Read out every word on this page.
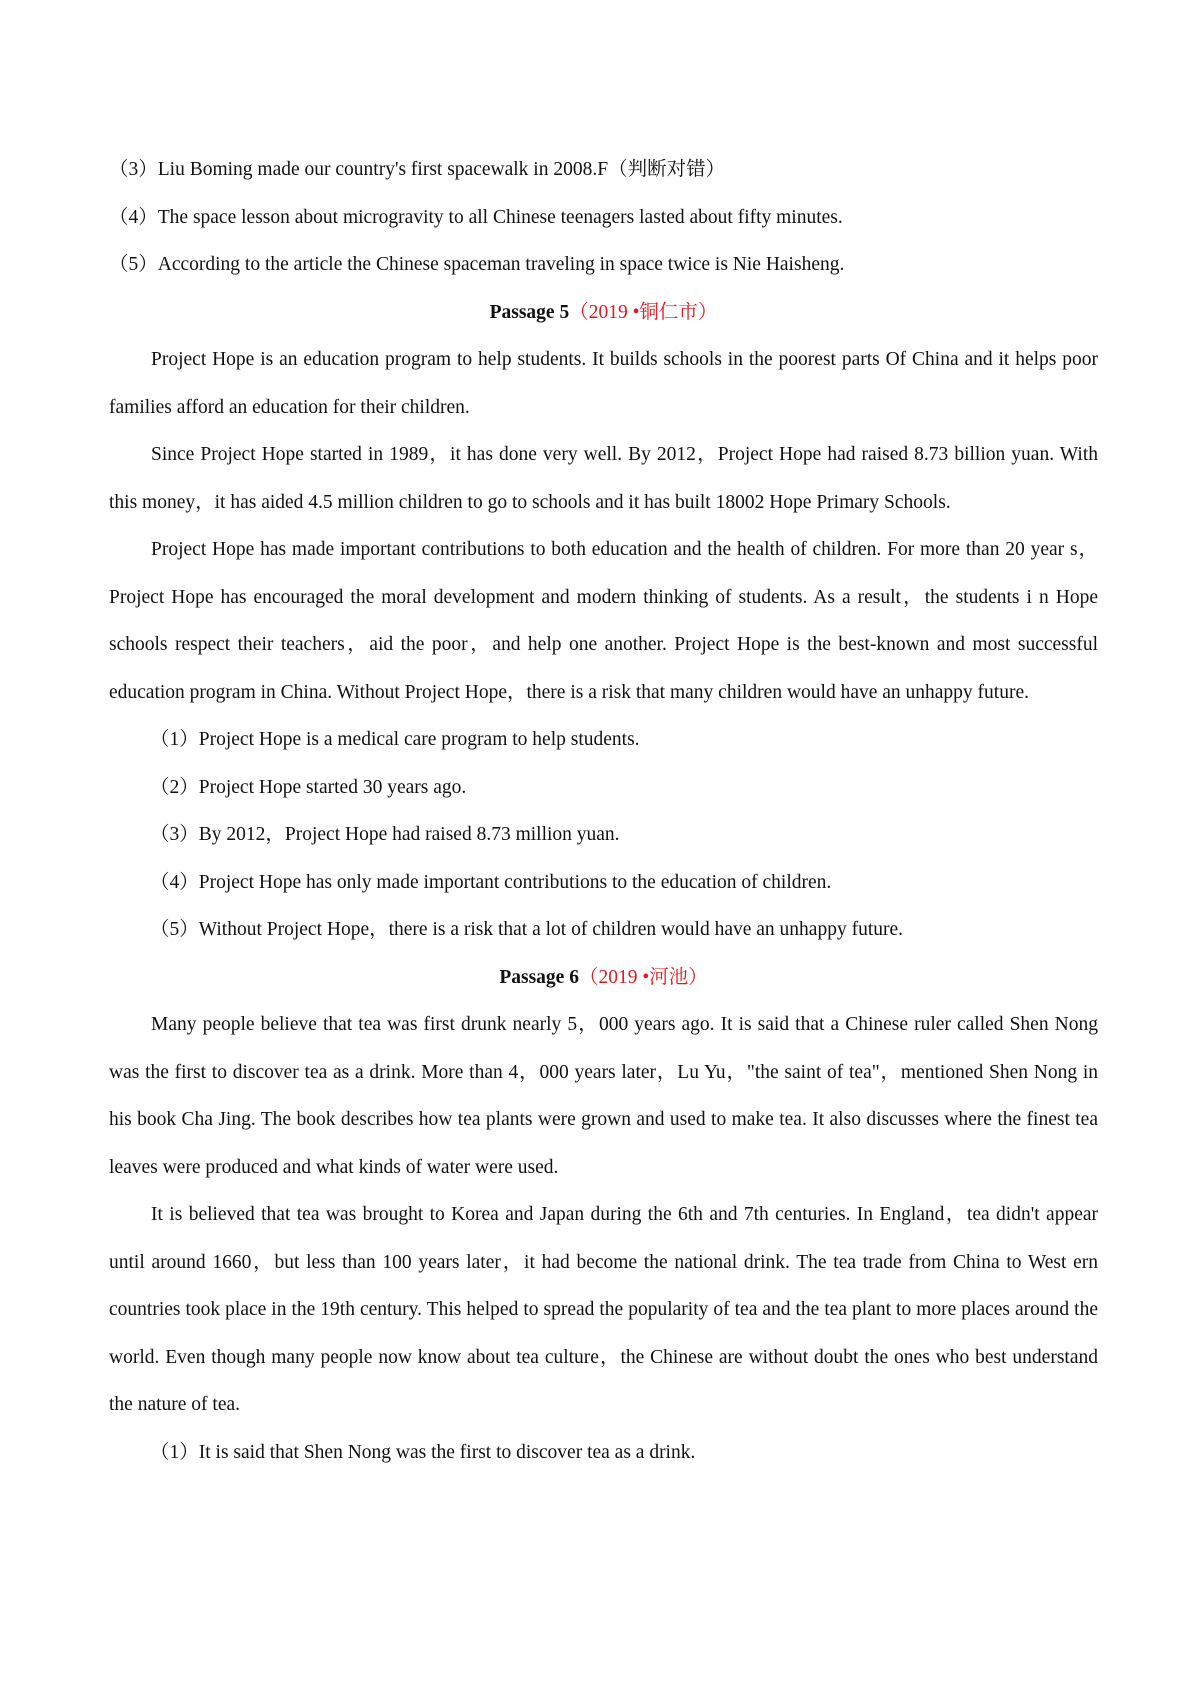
（3）Liu Boming made our country's first spacewalk in 2008.F（判断对错）

（4）The space lesson about microgravity to all Chinese teenagers lasted about fifty minutes.

（5）According to the article the Chinese spaceman traveling in space twice is Nie Haisheng.

Passage 5（2019 •铜仁市）

Project Hope is an education program to help students. It builds schools in the poorest parts Of China and it helps poor families afford an education for their children.

Since Project Hope started in 1989，it has done very well. By 2012，Project Hope had raised 8.73 billion yuan. With this money，it has aided 4.5 million children to go to schools and it has built 18002 Hope Primary Schools.

Project Hope has made important contributions to both education and the health of children. For more than 20 year s，Project Hope has encouraged the moral development and modern thinking of students. As a result，the students i n Hope schools respect their teachers，aid the poor，and help one another. Project Hope is the best-known and most successful education program in China. Without Project Hope，there is a risk that many children would have an unhappy future.

（1）Project Hope is a medical care program to help students.

（2）Project Hope started 30 years ago.

（3）By 2012，Project Hope had raised 8.73 million yuan.

（4）Project Hope has only made important contributions to the education of children.

（5）Without Project Hope，there is a risk that a lot of children would have an unhappy future.

Passage 6（2019 •河池）

Many people believe that tea was first drunk nearly 5，000 years ago. It is said that a Chinese ruler called Shen Nong was the first to discover tea as a drink. More than 4，000 years later，Lu Yu，"the saint of tea"，mentioned Shen Nong in his book Cha Jing. The book describes how tea plants were grown and used to make tea. It also discusses where the finest tea leaves were produced and what kinds of water were used.

It is believed that tea was brought to Korea and Japan during the 6th and 7th centuries. In England，tea didn't appear until around 1660，but less than 100 years later，it had become the national drink. The tea trade from China to West ern countries took place in the 19th century. This helped to spread the popularity of tea and the tea plant to more places around the world. Even though many people now know about tea culture，the Chinese are without doubt the ones who best understand the nature of tea.

（1）It is said that Shen Nong was the first to discover tea as a drink.
